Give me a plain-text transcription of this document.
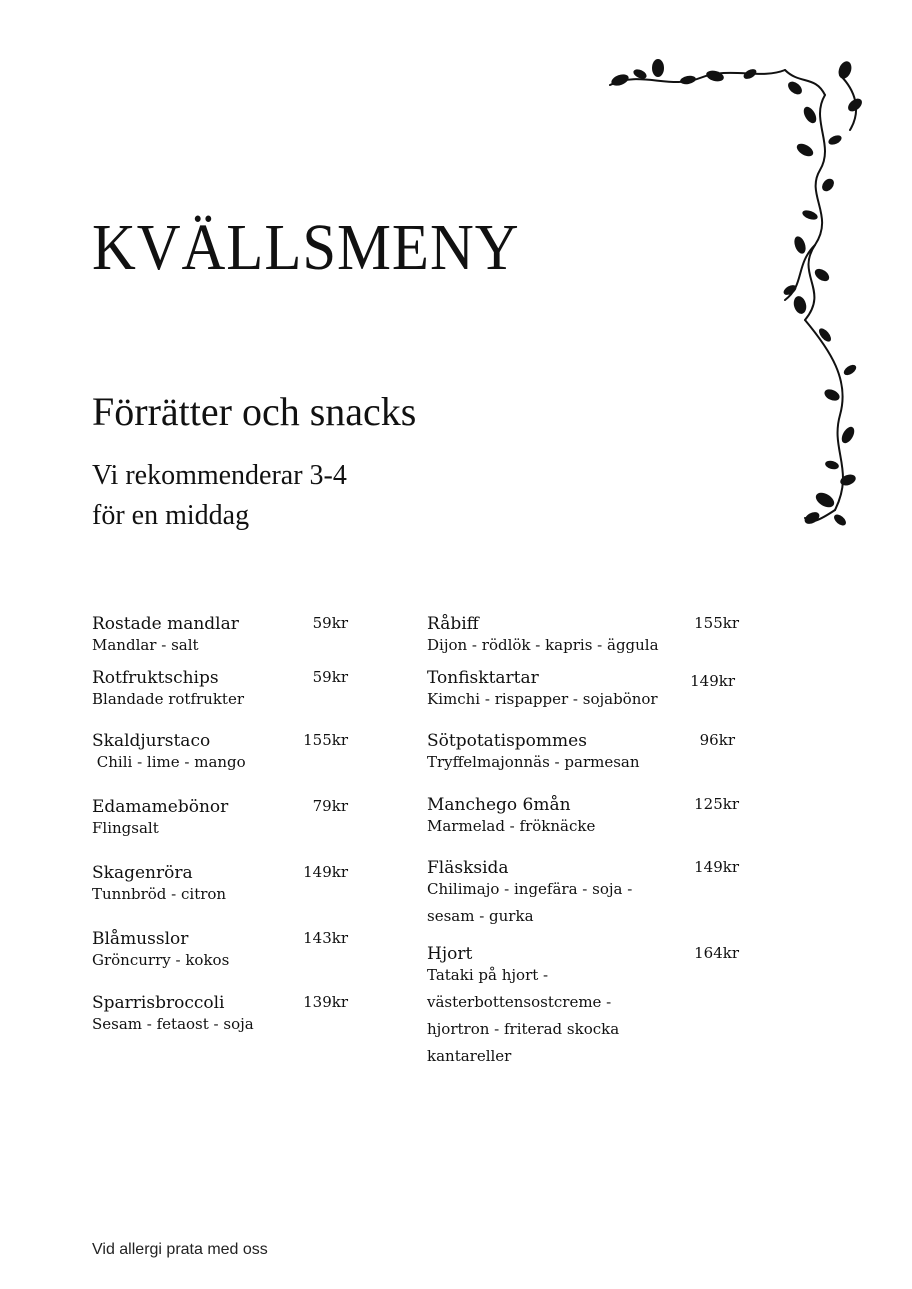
KVÄLLSMENY
Förrätter och snacks
Vi rekommenderar 3-4
för en middag
Rostade mandlar	59kr
Mandlar - salt
Rotfruktschips	59kr
Blandade rotfrukter
Skaldjurstaco	155kr
Chili - lime - mango
Edamamebönor	79kr
Flingsalt
Skagenröra	149kr
Tunnbröd - citron
Blåmusslor	143kr
Gröncurry - kokos
Sparrisbroccoli	139kr
Sesam - fetaost - soja
Råbiff	155kr
Dijon - rödlök - kapris - äggula
Tonfisktartar	149kr
Kimchi - rispapper - sojabönor
Sötpotatispommes	96kr
Tryffelmajonnäs - parmesan
Manchego 6mån	125kr
Marmelad - fröknäcke
Fläsksida	149kr
Chilimajo - ingefära - soja -
sesam - gurka
Hjort	164kr
Tataki på hjort -
västerbottensostcreme -
hjortron - friterad skocka
kantareller

Vid allergi prata med oss
